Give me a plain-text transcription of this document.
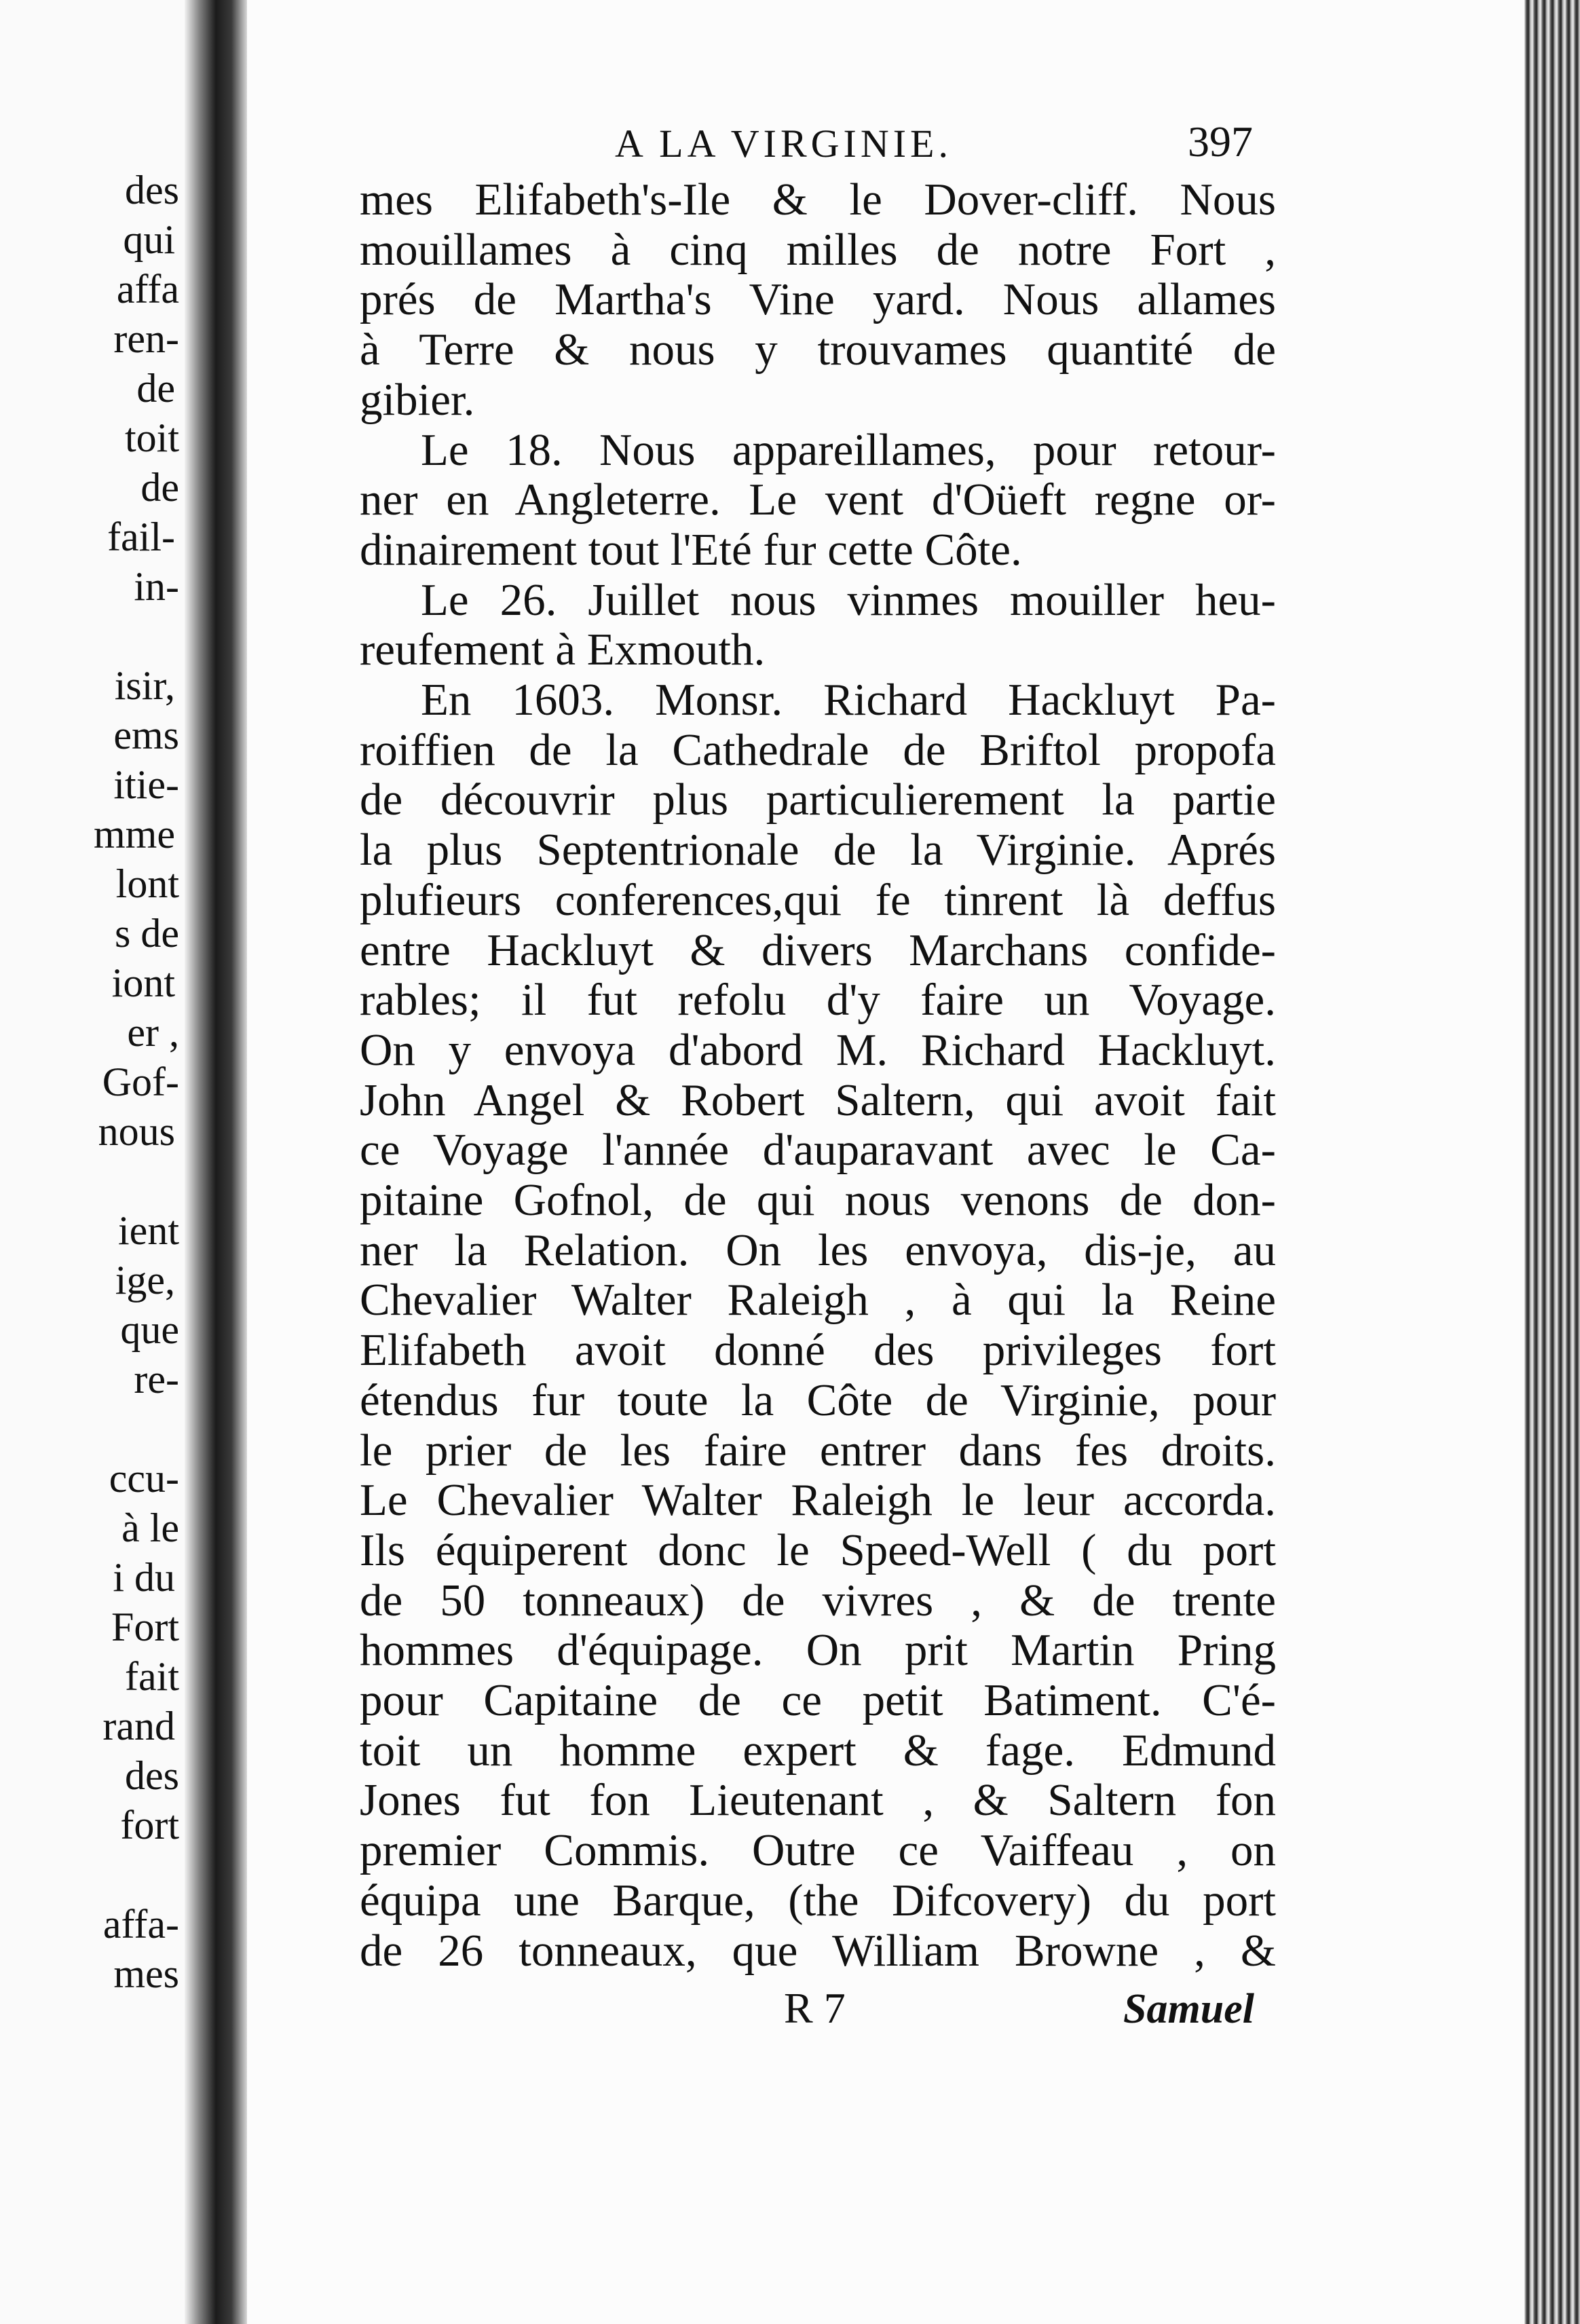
des
qui
affa
ren-
de
toit
de
fail-
in-
isir,
ems
itie-
mme
lont
s de
iont
er ,
Gof-
nous
ient
ige,
que
re-
ccu-
à le
i du
Fort
fait
rand
des
fort
affa-
mes
A LA VIRGINIE.	397
R 7	Samuel
mes Elifabeth's-Ile & le Dover-cliff. Nous
mouillames à cinq milles de notre Fort ,
prés de Martha's Vine yard. Nous allames
à Terre & nous y trouvames quantité de
gibier.
Le 18. Nous appareillames, pour retour-
ner en Angleterre. Le vent d'Oüeft regne or-
dinairement tout l'Eté fur cette Côte.
Le 26. Juillet nous vinmes mouiller heu-
reufement à Exmouth.
En 1603. Monsr. Richard Hackluyt Pa-
roiffien de la Cathedrale de Briftol propofa
de découvrir plus particulierement la partie
la plus Septentrionale de la Virginie. Aprés
plufieurs conferences,qui fe tinrent là deffus
entre Hackluyt & divers Marchans confide-
rables; il fut refolu d'y faire un Voyage.
On y envoya d'abord M. Richard Hackluyt.
John Angel & Robert Saltern, qui avoit fait
ce Voyage l'année d'auparavant avec le Ca-
pitaine Gofnol, de qui nous venons de don-
ner la Relation. On les envoya, dis-je, au
Chevalier Walter Raleigh , à qui la Reine
Elifabeth avoit donné des privileges fort
étendus fur toute la Côte de Virginie, pour
le prier de les faire entrer dans fes droits.
Le Chevalier Walter Raleigh le leur accorda.
Ils équiperent donc le Speed-Well ( du port
de 50 tonneaux) de vivres , & de trente
hommes d'équipage. On prit Martin Pring
pour Capitaine de ce petit Batiment. C'é-
toit un homme expert & fage. Edmund
Jones fut fon Lieutenant , & Saltern fon
premier Commis. Outre ce Vaiffeau , on
équipa une Barque, (the Difcovery) du port
de 26 tonneaux, que William Browne , &
